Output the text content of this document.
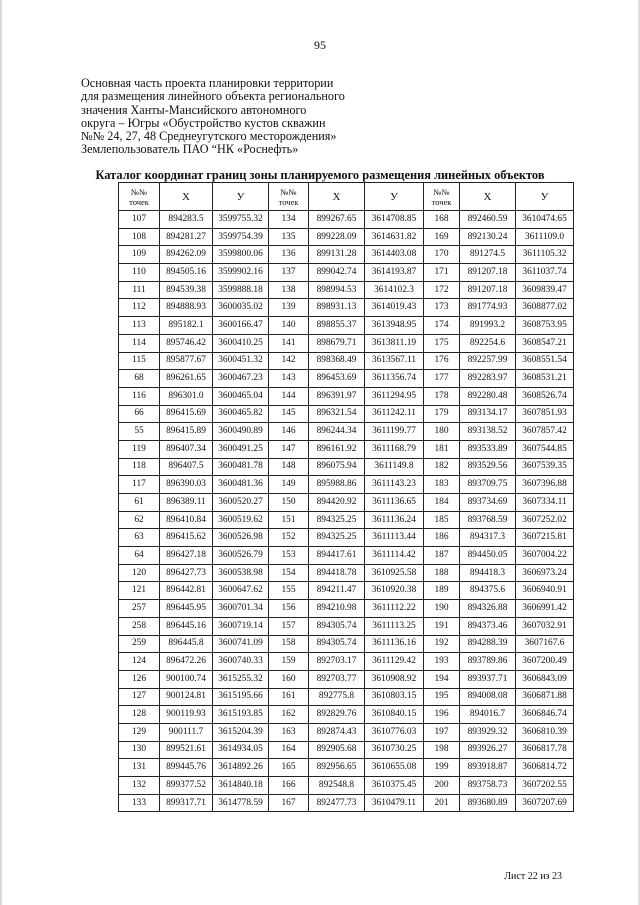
95
Основная часть проекта планировки территории
для размещения линейного объекта регионального
значения Ханты-Мансийского автономного
округа – Югры «Обустройство кустов скважин
№№ 24, 27, 48 Среднеугутского месторождения»
Землепользователь ПАО “НК «Роснефть»
Каталог координат границ зоны планируемого размещения линейных объектов
№№
точек	X	У	№№
точек	X	У	№№
точек	X	У
107	894283.5	3599755.32	134	899267.65	3614708.85	168	892460.59	3610474.65
108	894281.27	3599754.39	135	899228.09	3614631.82	169	892130.24	3611109.0
109	894262.09	3599800.06	136	899131.28	3614403.08	170	891274.5	3611105.32
110	894505.16	3599902.16	137	899042.74	3614193.87	171	891207.18	3611037.74
111	894539.38	3599888.18	138	898994.53	3614102.3	172	891207.18	3609839.47
112	894888.93	3600035.02	139	898931.13	3614019.43	173	891774.93	3608877.02
113	895182.1	3600166.47	140	898855.37	3613948.95	174	891993.2	3608753.95
114	895746.42	3600410.25	141	898679.71	3613811.19	175	892254.6	3608547.21
115	895877.67	3600451.32	142	898368.49	3613567.11	176	892257.99	3608551.54
68	896261.65	3600467.23	143	896453.69	3611356.74	177	892283.97	3608531.21
116	896301.0	3600465.04	144	896391.97	3611294.95	178	892280.48	3608526.74
66	896415.69	3600465.82	145	896321.54	3611242.11	179	893134.17	3607851.93
55	896415.89	3600490.89	146	896244.34	3611199.77	180	893138.52	3607857.42
119	896407.34	3600491.25	147	896161.92	3611168.79	181	893533.89	3607544.85
118	896407.5	3600481.78	148	896075.94	3611149.8	182	893529.56	3607539.35
117	896390.03	3600481.36	149	895988.86	3611143.23	183	893709.75	3607396.88
61	896389.11	3600520.27	150	894420.92	3611136.65	184	893734.69	3607334.11
62	896410.84	3600519.62	151	894325.25	3611136.24	185	893768.59	3607252.02
63	896415.62	3600526.98	152	894325.25	3611113.44	186	894317.3	3607215.81
64	896427.18	3600526.79	153	894417.61	3611114.42	187	894450.05	3607004.22
120	896427.73	3600538.98	154	894418.78	3610925.58	188	894418.3	3606973.24
121	896442.81	3600647.62	155	894211.47	3610920.38	189	894375.6	3606940.91
257	896445.95	3600701.34	156	894210.98	3611112.22	190	894326.88	3606991.42
258	896445.16	3600719.14	157	894305.74	3611113.25	191	894373.46	3607032.91
259	896445.8	3600741.09	158	894305.74	3611136.16	192	894288.39	3607167.6
124	896472.26	3600740.33	159	892703.17	3611129.42	193	893789.86	3607200.49
126	900100.74	3615255.32	160	892703.77	3610908.92	194	893937.71	3606843.09
127	900124.81	3615195.66	161	892775.8	3610803.15	195	894008.08	3606871.88
128	900119.93	3615193.85	162	892829.76	3610840.15	196	894016.7	3606846.74
129	900111.7	3615204.39	163	892874.43	3610776.03	197	893929.32	3606810.39
130	899521.61	3614934.05	164	892905.68	3610730.25	198	893926.27	3606817.78
131	899445.76	3614892.26	165	892956.65	3610655.08	199	893918.87	3606814.72
132	899377.52	3614840.18	166	892548.8	3610375.45	200	893758.73	3607202.55
133	899317.71	3614778.59	167	892477.73	3610479.11	201	893680.89	3607207.69
Лист 22 из 23
